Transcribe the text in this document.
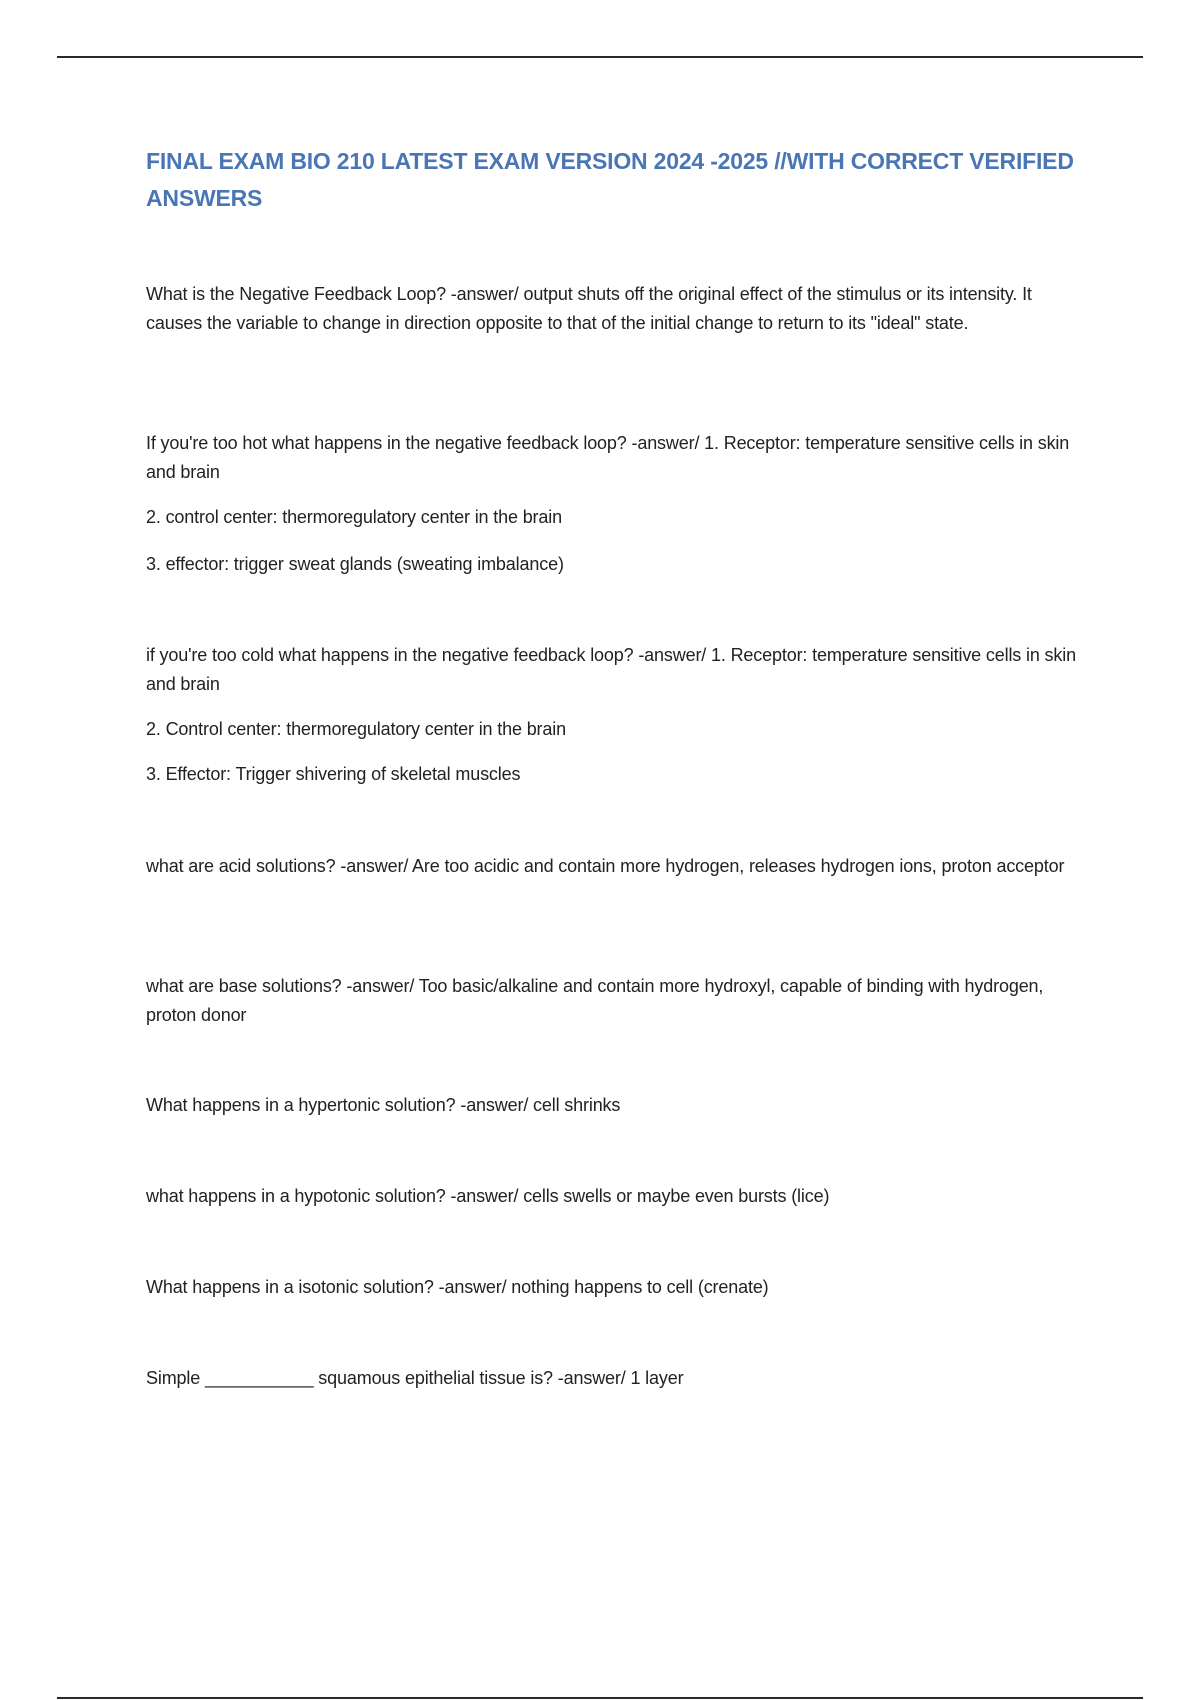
FINAL EXAM BIO 210 LATEST EXAM VERSION 2024 -2025 //WITH CORRECT VERIFIED ANSWERS

What is the Negative Feedback Loop? -answer/ output shuts off the original effect of the stimulus or its intensity. It causes the variable to change in direction opposite to that of the initial change to return to its "ideal" state.

If you're too hot what happens in the negative feedback loop? -answer/ 1. Receptor: temperature sensitive cells in skin and brain

2. control center: thermoregulatory center in the brain

3. effector: trigger sweat glands (sweating imbalance)

if you're too cold what happens in the negative feedback loop? -answer/ 1. Receptor: temperature sensitive cells in skin and brain

2. Control center: thermoregulatory center in the brain

3. Effector: Trigger shivering of skeletal muscles

what are acid solutions? -answer/ Are too acidic and contain more hydrogen, releases hydrogen ions, proton acceptor

what are base solutions? -answer/ Too basic/alkaline and contain more hydroxyl, capable of binding with hydrogen, proton donor

What happens in a hypertonic solution? -answer/ cell shrinks

what happens in a hypotonic solution? -answer/ cells swells or maybe even bursts (lice)

What happens in a isotonic solution? -answer/ nothing happens to cell (crenate)

Simple ___________ squamous epithelial tissue is? -answer/ 1 layer
